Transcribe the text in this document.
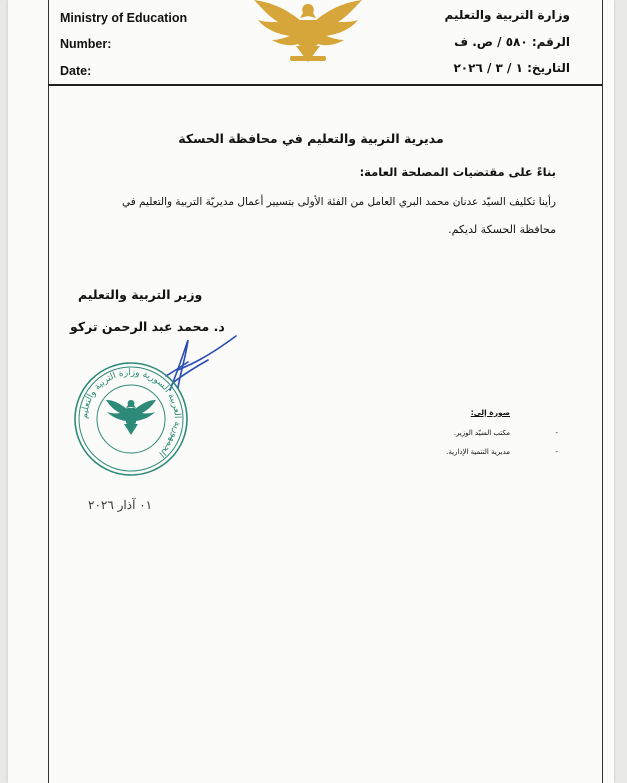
Ministry of Education
Number:
Date:
وزارة التربية والتعليم
الرقم: ٥٨٠ / ص. ف
التاريخ: ١ / ٣ / ٢٠٢٦
مديرية التربية والتعليم في محافظة الحسكة
بناءً على مقتضيات المصلحة العامة:
رأينا تكليف السيّد عدنان محمد البري العامل من الفئة الأولى بتسيير أعمال مديريّة التربية والتعليم في
محافظة الحسكة لديكم.
وزير التربية والتعليم
د. محمد عبد الرحمن تركو
الجمهورية العربية السورية وزارة التربية والتعليم
صورة إلى:
-
مكتب السيّد الوزير.
-
مديرية التنمية الإدارية.
٠١ آذار ٢٠٢٦
